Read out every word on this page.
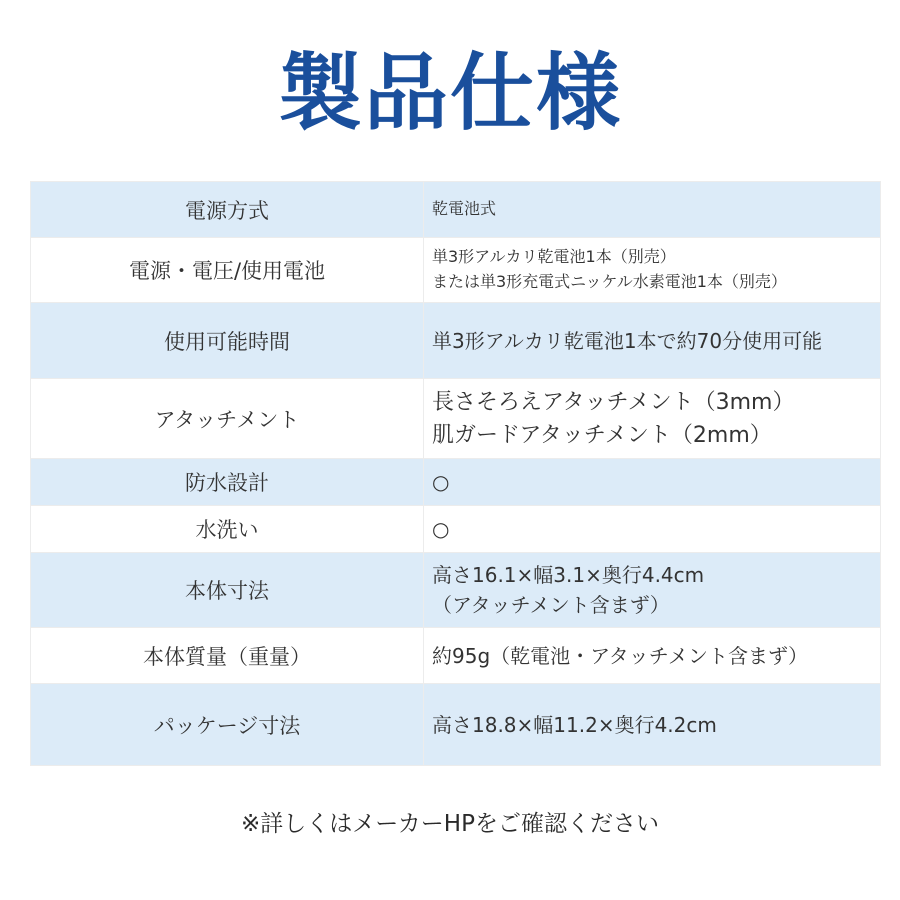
製品仕様
電源方式	乾電池式

電源・電圧/使用電池	単3形アルカリ乾電池1本（別売）
または単3形充電式ニッケル水素電池1本（別売）

使用可能時間	単3形アルカリ乾電池1本で約70分使用可能

アタッチメント	長さそろえアタッチメント（3mm）
肌ガードアタッチメント（2mm）

防水設計	○

水洗い	○

本体寸法	高さ16.1×幅3.1×奥行4.4cm
（アタッチメント含まず）

本体質量（重量）	約95g（乾電池・アタッチメント含まず）

パッケージ寸法	高さ18.8×幅11.2×奥行4.2cm
※詳しくはメーカーHPをご確認ください
